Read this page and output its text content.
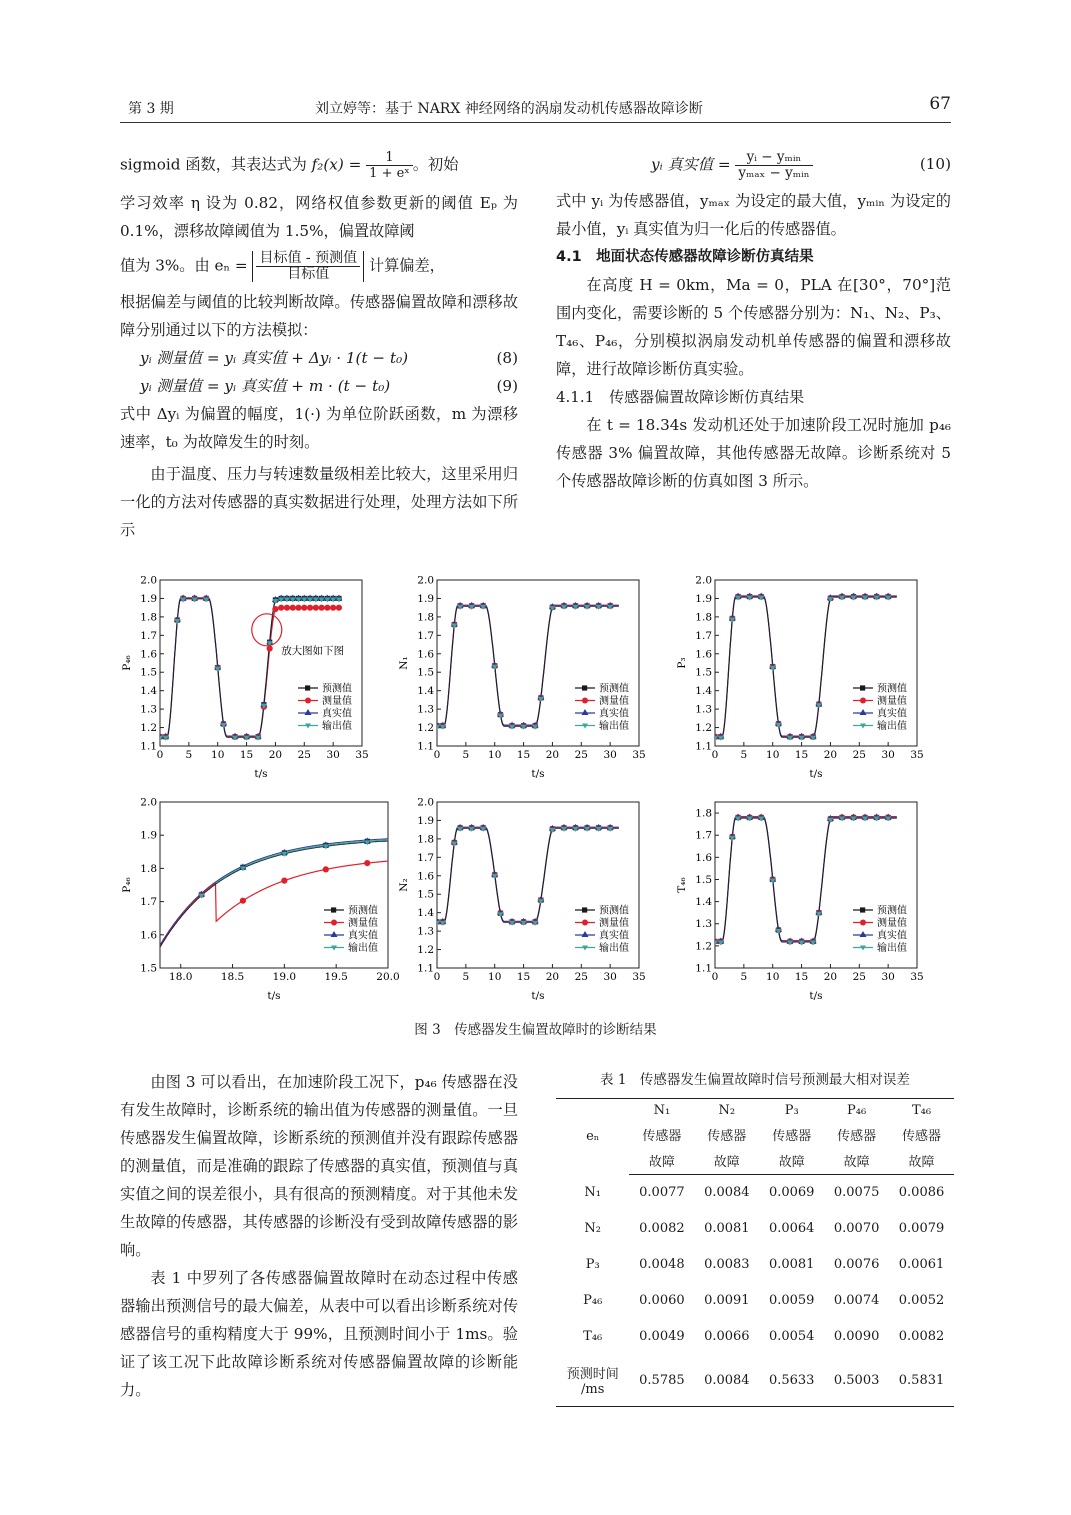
第 3 期	刘立婷等：基于 NARX 神经网络的涡扇发动机传感器故障诊断	67

sigmoid 函数，其表达式为 $f_2(x) = \frac{1}{\text{1 + eˣ}}$ 。初始

学习效率 η 设为 0.82，网络权值参数更新的阈值 Eₚ 为 0.1%，漂移故障阈值为 1.5%，偏置故障阈

值为 3%。由 $e_n = \frac{\text{目标值 - 预测值}}{\text{目标值}}$ 计算偏差，

根据偏差与阈值的比较判断故障。传感器偏置故障和漂移故障分别通过以下的方法模拟：

yᵢ 测量值 = yᵢ 真实值 + Δyᵢ · 1(t − t₀)	(8)
yᵢ 测量值 = yᵢ 真实值 + m · (t − t₀)	(9)

式中 Δyᵢ 为偏置的幅度，1(·) 为单位阶跃函数，m 为漂移速率，t₀ 为故障发生的时刻。

由于温度、压力与转速数量级相差比较大，这里采用归一化的方法对传感器的真实数据进行处理，处理方法如下所示

yᵢ 真实值 = $\frac{\text{yᵢ − yₘᵢₙ}}{\text{yₘₐₓ − yₘᵢₙ}}$	(10)

式中 yᵢ 为传感器值，yₘₐₓ 为设定的最大值，yₘᵢₙ 为设定的最小值，yᵢ 真实值为归一化后的传感器值。

4.1　地面状态传感器故障诊断仿真结果

在高度 H = 0km，Ma = 0，PLA 在[30°，70°]范围内变化，需要诊断的 5 个传感器分别为：N₁、N₂、P₃、T₄₆、P₄₆，分别模拟涡扇发动机单传感器的偏置和漂移故障，进行故障诊断仿真实验。

4.1.1　传感器偏置故障诊断仿真结果

在 t = 18.34s 发动机还处于加速阶段工况时施加 p₄₆ 传感器 3% 偏置故障，其他传感器无故障。诊断系统对 5 个传感器故障诊断的仿真如图 3 所示。

0 5 10 15 20 25 30 35
1.1
1.2
1.3
1.4
1.5
1.6
1.7
1.8
1.9
2.0
t/s
P₄₆
放大图如下图
预测值
测量值
真实值
输出值
0 5 10 15 20 25 30 35
1.1
1.2
1.3
1.4
1.5
1.6
1.7
1.8
1.9
2.0
t/s
N₁
预测值
测量值
真实值
输出值
0 5 10 15 20 25 30 35
1.1
1.2
1.3
1.4
1.5
1.6
1.7
1.8
1.9
2.0
t/s
P₃
预测值
测量值
真实值
输出值
18.0	18.5	19.0	19.5	20.0
1.5
1.6
1.7
1.8
1.9
2.0
t/s
P₄₆
预测值
测量值
真实值
输出值
0 5 10 15 20 25 30 35
1.1
1.2
1.3
1.4
1.5
1.6
1.7
1.8
1.9
2.0
t/s
N₂
预测值
测量值
真实值
输出值
0 5 10 15 20 25 30 35
1.1
1.2
1.3
1.4
1.5
1.6
1.7
1.8
t/s
T₄₆
预测值
测量值
真实值
输出值
图 3　传感器发生偏置故障时的诊断结果

由图 3 可以看出，在加速阶段工况下，p₄₆ 传感器在没有发生故障时，诊断系统的输出值为传感器的测量值。一旦传感器发生偏置故障，诊断系统的预测值并没有跟踪传感器的测量值，而是准确的跟踪了传感器的真实值，预测值与真实值之间的误差很小，具有很高的预测精度。对于其他未发生故障的传感器，其传感器的诊断没有受到故障传感器的影响。

表 1 中罗列了各传感器偏置故障时在动态过程中传感器输出预测信号的最大偏差，从表中可以看出诊断系统对传感器信号的重构精度大于 99%，且预测时间小于 1ms。验证了该工况下此故障诊断系统对传感器偏置故障的诊断能力。

表 1　传感器发生偏置故障时信号预测最大相对误差
eₙ	N₁	N₂	P₃	P₄₆	T₄₆
	传感器	传感器	传感器	传感器	传感器
	故障	故障	故障	故障	故障
N₁	0.0077	0.0084	0.0069	0.0075	0.0086
N₂	0.0082	0.0081	0.0064	0.0070	0.0079
P₃	0.0048	0.0083	0.0081	0.0076	0.0061
P₄₆	0.0060	0.0091	0.0059	0.0074	0.0052
T₄₆	0.0049	0.0066	0.0054	0.0090	0.0082

预测时间
/ms	0.5785	0.0084	0.5633	0.5003	0.5831
